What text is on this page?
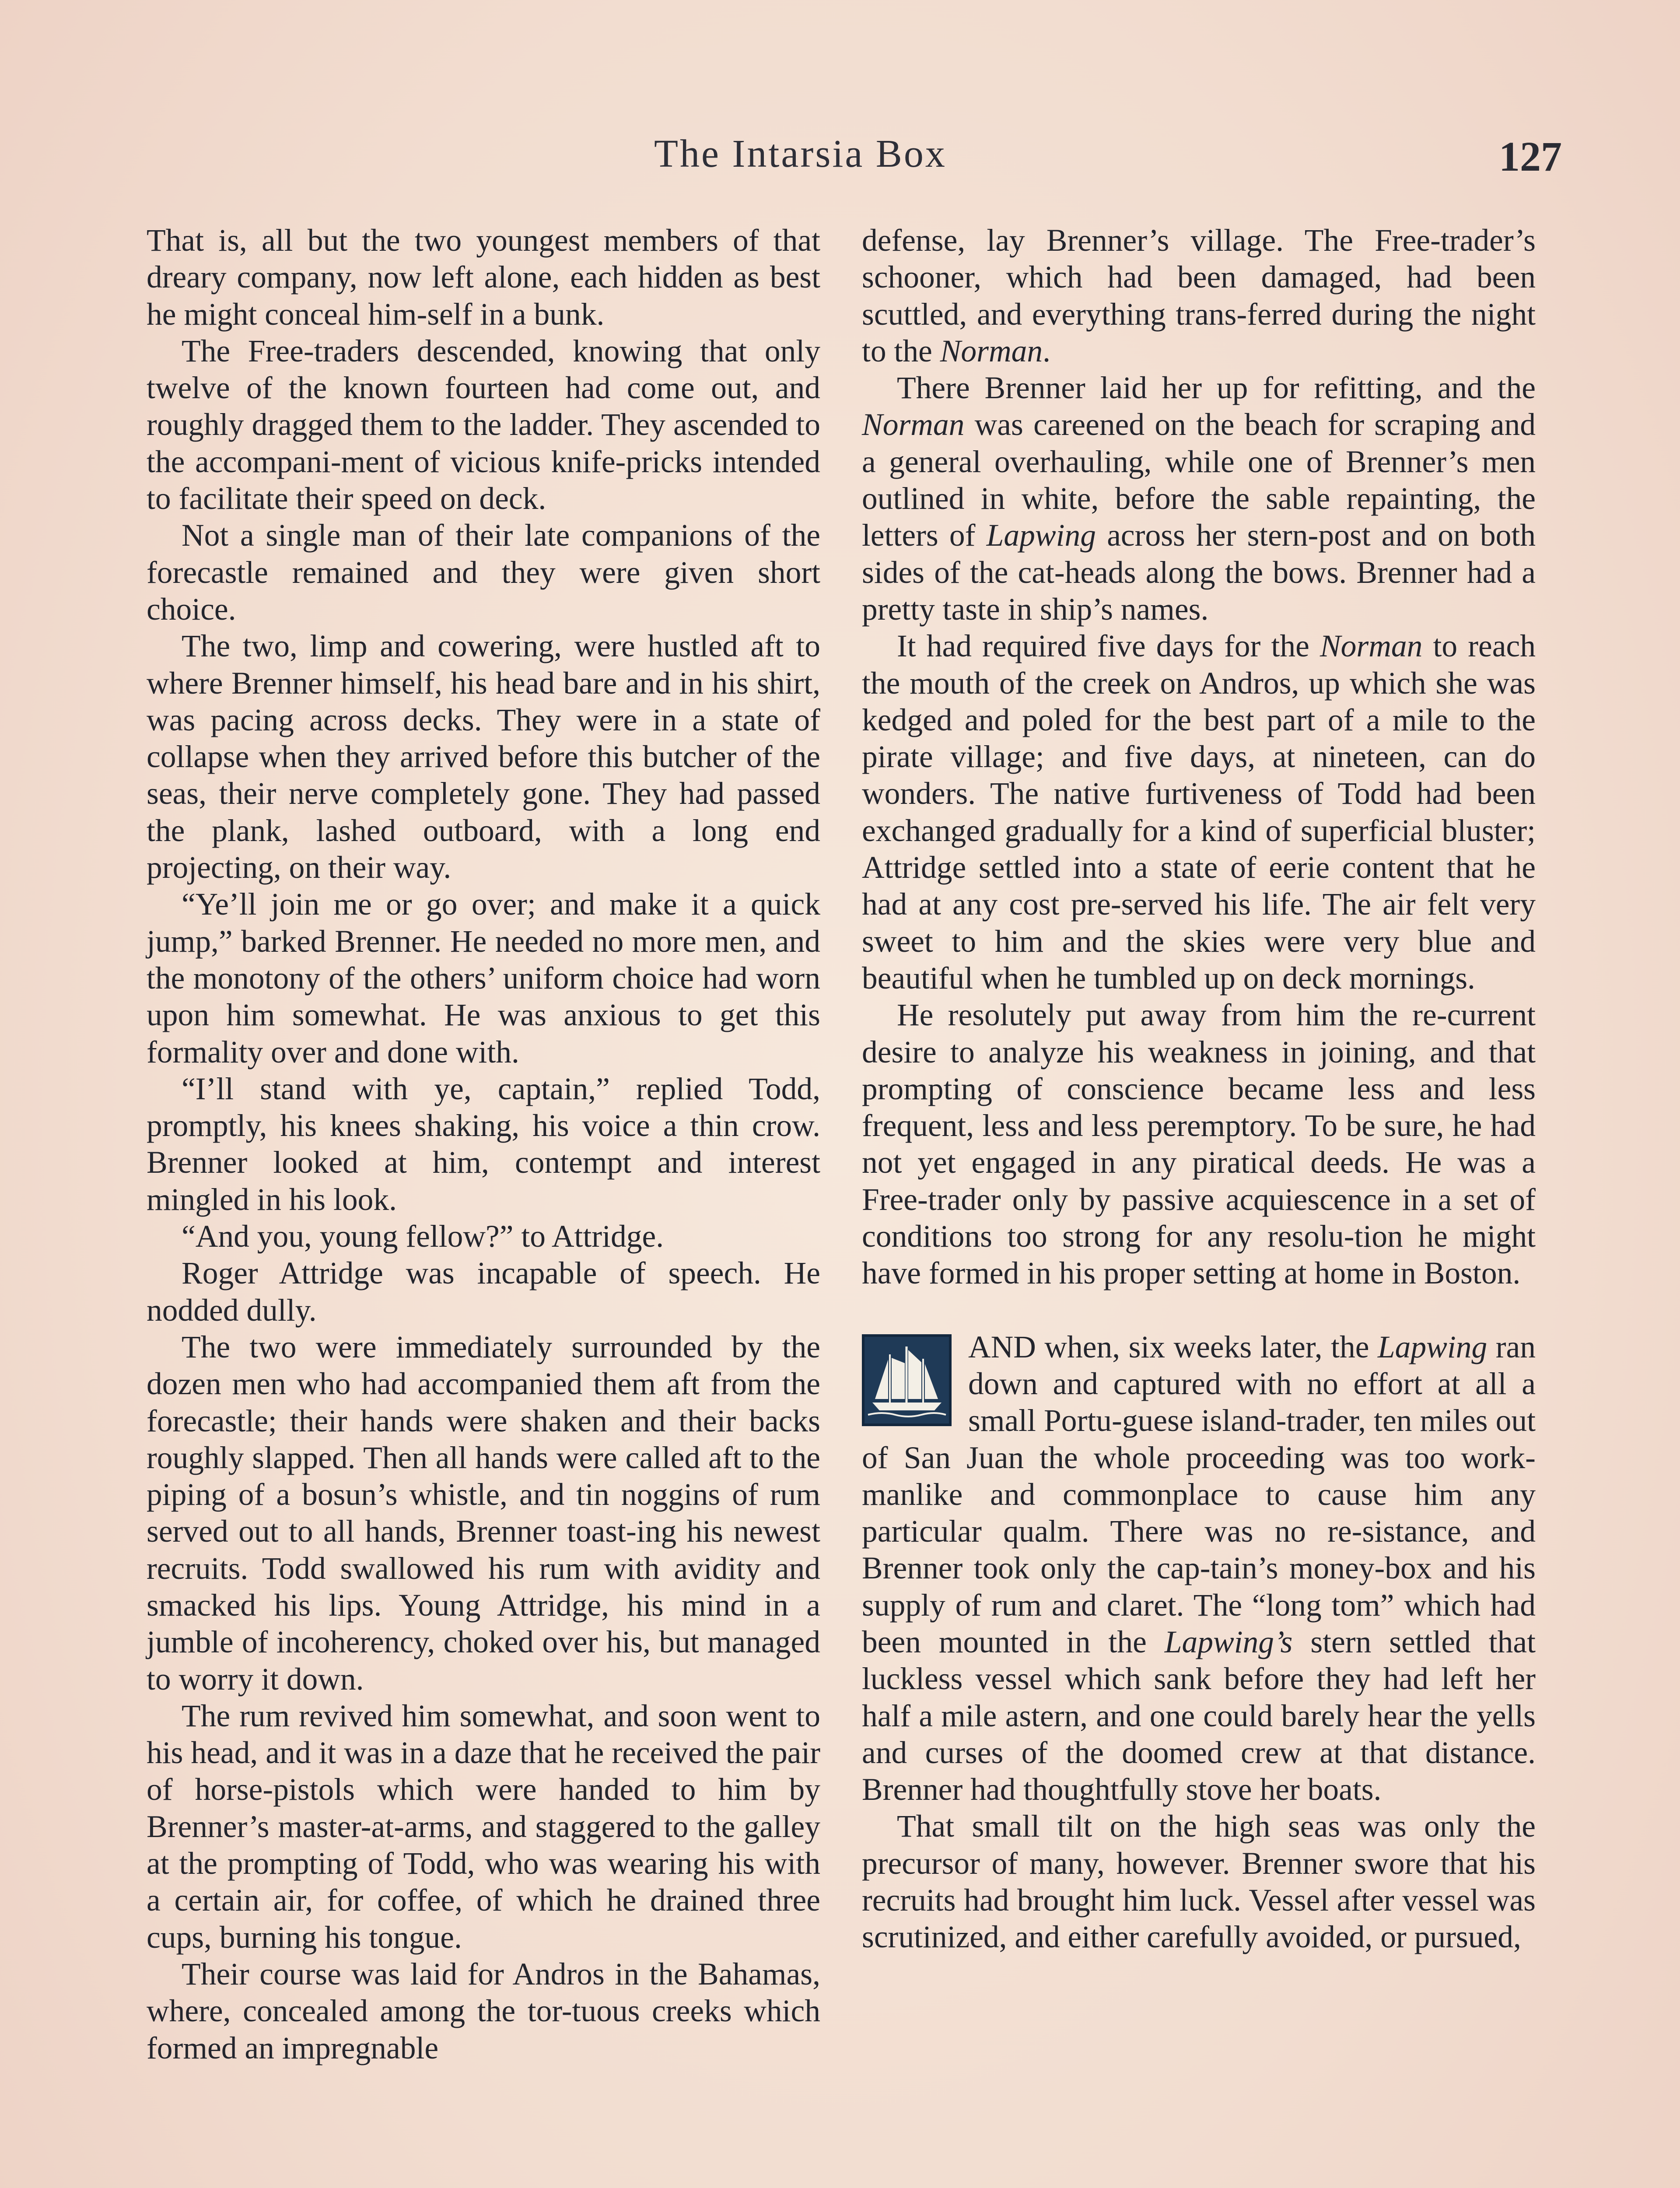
The Intarsia Box	127

That is, all but the two youngest members of that dreary company, now left alone, each hidden as best he might conceal him-self in a bunk.

The Free-traders descended, knowing that only twelve of the known fourteen had come out, and roughly dragged them to the ladder. They ascended to the accompani-ment of vicious knife-pricks intended to facilitate their speed on deck.

Not a single man of their late companions of the forecastle remained and they were given short choice.

The two, limp and cowering, were hustled aft to where Brenner himself, his head bare and in his shirt, was pacing across decks. They were in a state of collapse when they arrived before this butcher of the seas, their nerve completely gone. They had passed the plank, lashed outboard, with a long end projecting, on their way.

“Ye’ll join me or go over; and make it a quick jump,” barked Brenner. He needed no more men, and the monotony of the others’ uniform choice had worn upon him somewhat. He was anxious to get this formality over and done with.

“I’ll stand with ye, captain,” replied Todd, promptly, his knees shaking, his voice a thin crow. Brenner looked at him, contempt and interest mingled in his look.

“And you, young fellow?” to Attridge.

Roger Attridge was incapable of speech. He nodded dully.

The two were immediately surrounded by the dozen men who had accompanied them aft from the forecastle; their hands were shaken and their backs roughly slapped. Then all hands were called aft to the piping of a bosun’s whistle, and tin noggins of rum served out to all hands, Brenner toast-ing his newest recruits. Todd swallowed his rum with avidity and smacked his lips. Young Attridge, his mind in a jumble of incoherency, choked over his, but managed to worry it down.

The rum revived him somewhat, and soon went to his head, and it was in a daze that he received the pair of horse-pistols which were handed to him by Brenner’s master-at-arms, and staggered to the galley at the prompting of Todd, who was wearing his with a certain air, for coffee, of which he drained three cups, burning his tongue.

Their course was laid for Andros in the Bahamas, where, concealed among the tor-tuous creeks which formed an impregnable

defense, lay Brenner’s village. The Free-trader’s schooner, which had been damaged, had been scuttled, and everything trans-ferred during the night to the Norman.

There Brenner laid her up for refitting, and the Norman was careened on the beach for scraping and a general overhauling, while one of Brenner’s men outlined in white, before the sable repainting, the letters of Lapwing across her stern-post and on both sides of the cat-heads along the bows. Brenner had a pretty taste in ship’s names.

It had required five days for the Norman to reach the mouth of the creek on Andros, up which she was kedged and poled for the best part of a mile to the pirate village; and five days, at nineteen, can do wonders. The native furtiveness of Todd had been exchanged gradually for a kind of superficial bluster; Attridge settled into a state of eerie content that he had at any cost pre-served his life. The air felt very sweet to him and the skies were very blue and beautiful when he tumbled up on deck mornings.

He resolutely put away from him the re-current desire to analyze his weakness in joining, and that prompting of conscience became less and less frequent, less and less peremptory. To be sure, he had not yet engaged in any piratical deeds. He was a Free-trader only by passive acquiescence in a set of conditions too strong for any resolu-tion he might have formed in his proper setting at home in Boston.

AND when, six weeks later, the Lapwing ran down and captured with no effort at all a small Portu-guese island-trader, ten miles out of San Juan the whole proceeding was too work-manlike and commonplace to cause him any particular qualm. There was no re-sistance, and Brenner took only the cap-tain’s money-box and his supply of rum and claret. The “long tom” which had been mounted in the Lapwing’s stern settled that luckless vessel which sank before they had left her half a mile astern, and one could barely hear the yells and curses of the doomed crew at that distance. Brenner had thoughtfully stove her boats.

That small tilt on the high seas was only the precursor of many, however. Brenner swore that his recruits had brought him luck. Vessel after vessel was scrutinized, and either carefully avoided, or pursued,
